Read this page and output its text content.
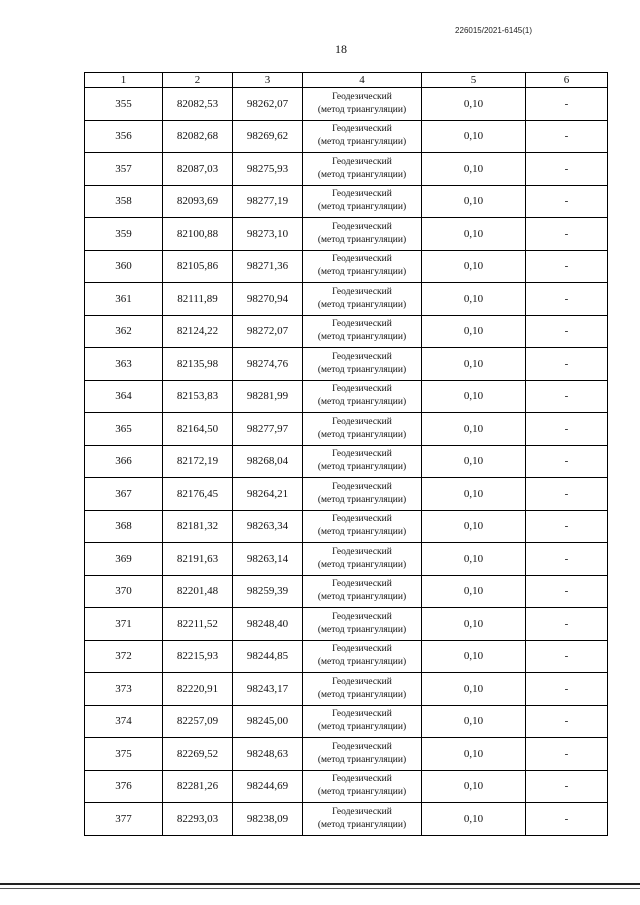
226015/2021-6145(1)
18
1	2	3	4	5	6
355	82082,53	98262,07	Геодезический
(метод триангуляции)	0,10	-
356	82082,68	98269,62	Геодезический
(метод триангуляции)	0,10	-
357	82087,03	98275,93	Геодезический
(метод триангуляции)	0,10	-
358	82093,69	98277,19	Геодезический
(метод триангуляции)	0,10	-
359	82100,88	98273,10	Геодезический
(метод триангуляции)	0,10	-
360	82105,86	98271,36	Геодезический
(метод триангуляции)	0,10	-
361	82111,89	98270,94	Геодезический
(метод триангуляции)	0,10	-
362	82124,22	98272,07	Геодезический
(метод триангуляции)	0,10	-
363	82135,98	98274,76	Геодезический
(метод триангуляции)	0,10	-
364	82153,83	98281,99	Геодезический
(метод триангуляции)	0,10	-
365	82164,50	98277,97	Геодезический
(метод триангуляции)	0,10	-
366	82172,19	98268,04	Геодезический
(метод триангуляции)	0,10	-
367	82176,45	98264,21	Геодезический
(метод триангуляции)	0,10	-
368	82181,32	98263,34	Геодезический
(метод триангуляции)	0,10	-
369	82191,63	98263,14	Геодезический
(метод триангуляции)	0,10	-
370	82201,48	98259,39	Геодезический
(метод триангуляции)	0,10	-
371	82211,52	98248,40	Геодезический
(метод триангуляции)	0,10	-
372	82215,93	98244,85	Геодезический
(метод триангуляции)	0,10	-
373	82220,91	98243,17	Геодезический
(метод триангуляции)	0,10	-
374	82257,09	98245,00	Геодезический
(метод триангуляции)	0,10	-
375	82269,52	98248,63	Геодезический
(метод триангуляции)	0,10	-
376	82281,26	98244,69	Геодезический
(метод триангуляции)	0,10	-
377	82293,03	98238,09	Геодезический
(метод триангуляции)	0,10	-
